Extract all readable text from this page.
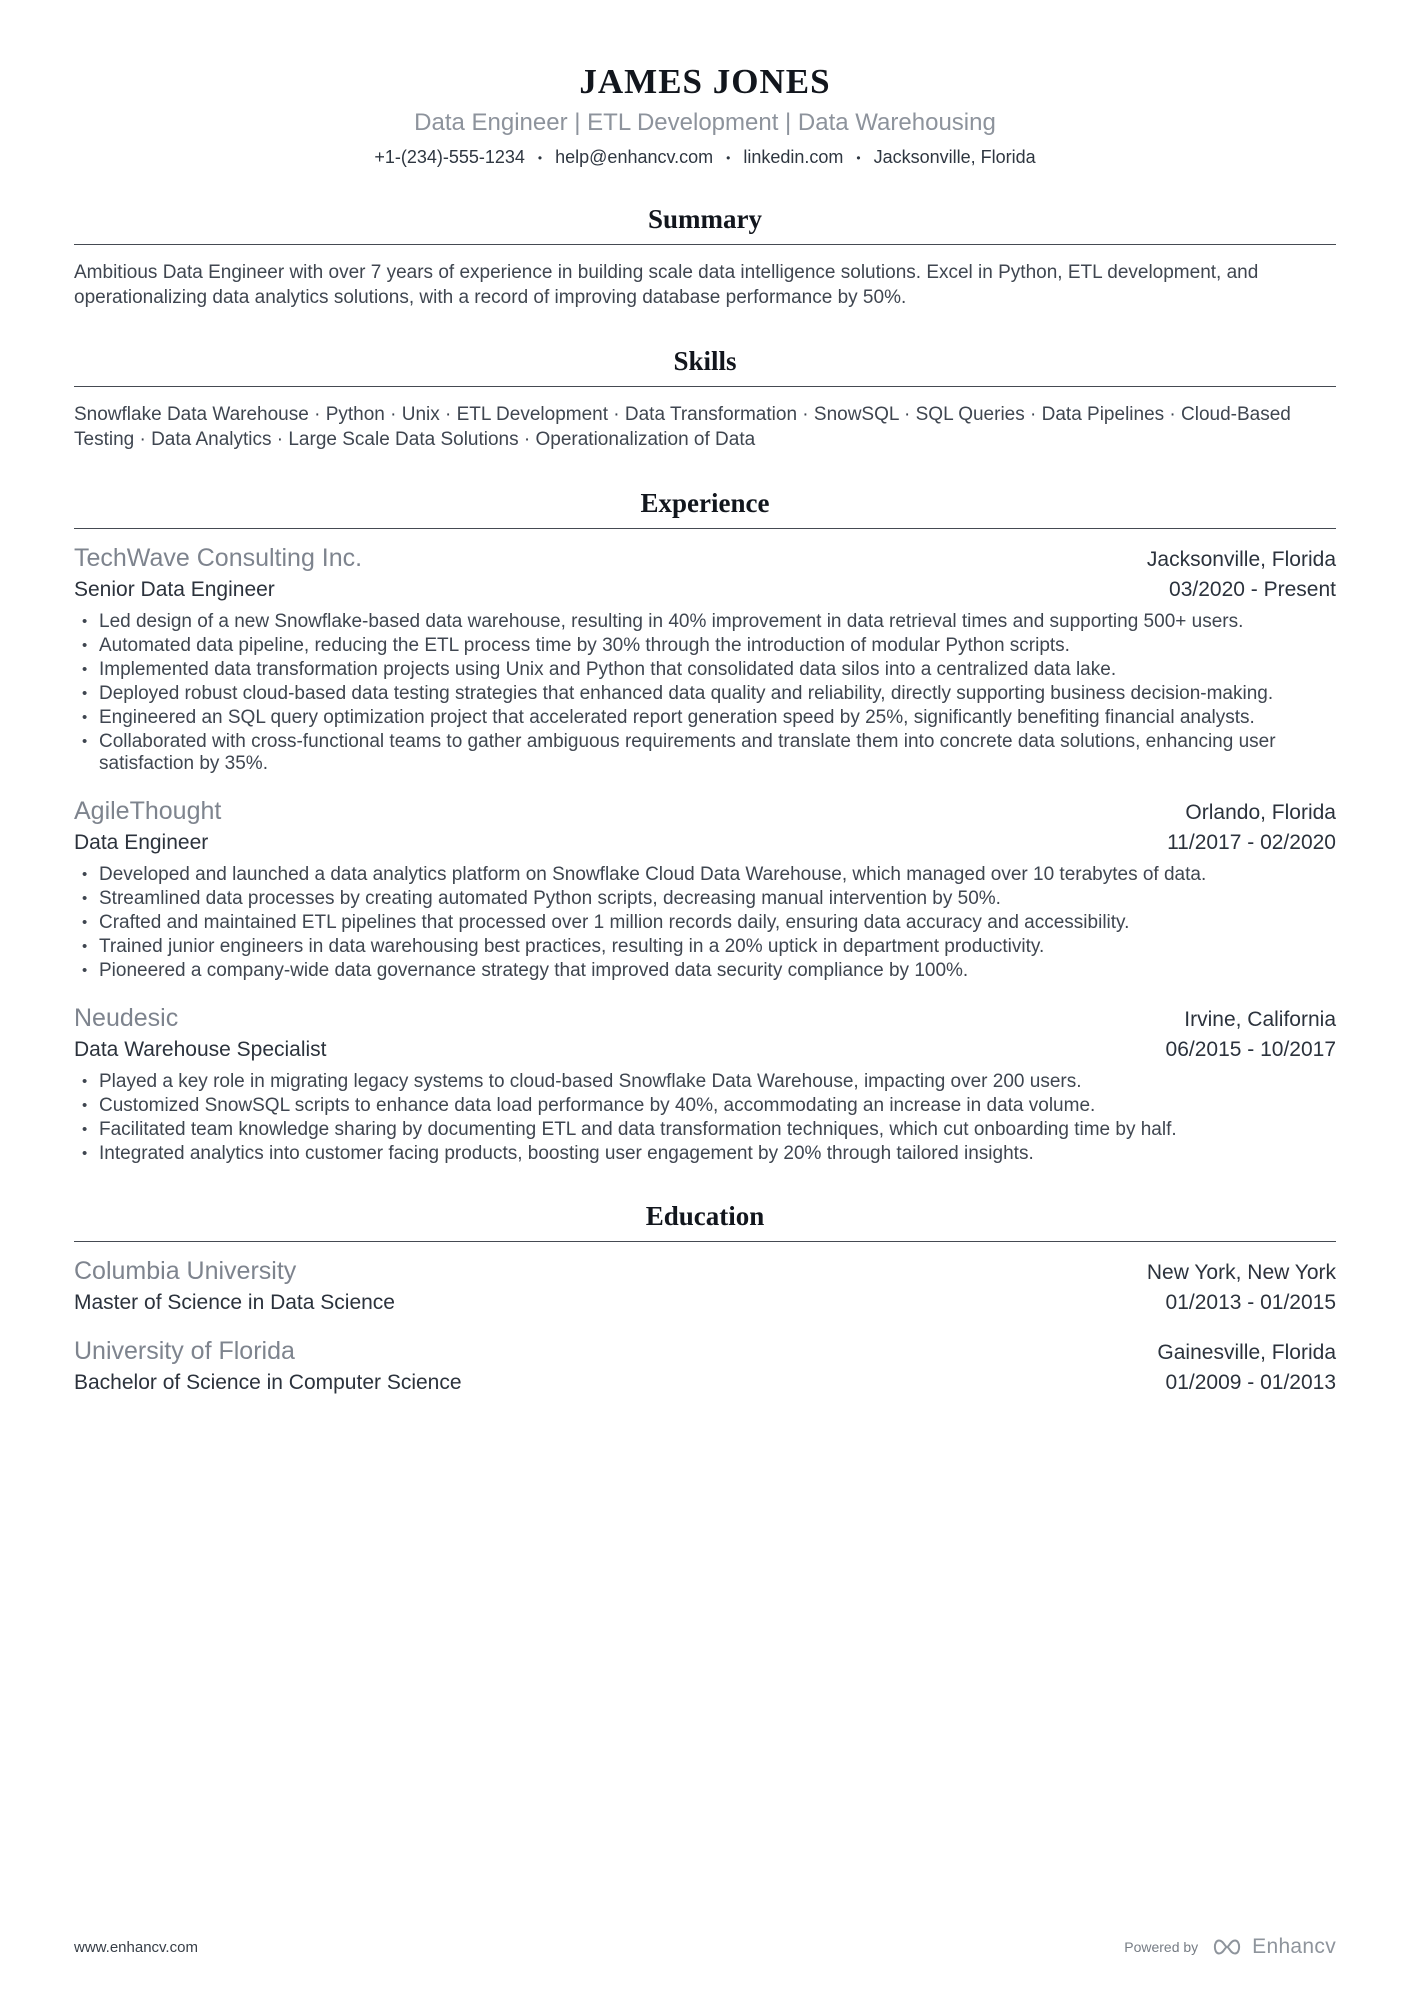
JAMES JONES
Data Engineer | ETL Development | Data Warehousing
+1-(234)-555-1234 • help@enhancv.com • linkedin.com • Jacksonville, Florida
Summary

Ambitious Data Engineer with over 7 years of experience in building scale data intelligence solutions. Excel in Python, ETL development, and operationalizing data analytics solutions, with a record of improving database performance by 50%.

Skills

Snowflake Data Warehouse · Python · Unix · ETL Development · Data Transformation · SnowSQL · SQL Queries · Data Pipelines · Cloud-Based Testing · Data Analytics · Large Scale Data Solutions · Operationalization of Data

Experience
TechWave Consulting Inc.	Jacksonville, Florida
Senior Data Engineer	03/2020 - Present
• Led design of a new Snowflake-based data warehouse, resulting in 40% improvement in data retrieval times and supporting 500+ users.
• Automated data pipeline, reducing the ETL process time by 30% through the introduction of modular Python scripts.
• Implemented data transformation projects using Unix and Python that consolidated data silos into a centralized data lake.
• Deployed robust cloud-based data testing strategies that enhanced data quality and reliability, directly supporting business decision-making.
• Engineered an SQL query optimization project that accelerated report generation speed by 25%, significantly benefiting financial analysts.
• Collaborated with cross-functional teams to gather ambiguous requirements and translate them into concrete data solutions, enhancing user satisfaction by 35%.
AgileThought	Orlando, Florida
Data Engineer	11/2017 - 02/2020
• Developed and launched a data analytics platform on Snowflake Cloud Data Warehouse, which managed over 10 terabytes of data.
• Streamlined data processes by creating automated Python scripts, decreasing manual intervention by 50%.
• Crafted and maintained ETL pipelines that processed over 1 million records daily, ensuring data accuracy and accessibility.
• Trained junior engineers in data warehousing best practices, resulting in a 20% uptick in department productivity.
• Pioneered a company-wide data governance strategy that improved data security compliance by 100%.
Neudesic	Irvine, California
Data Warehouse Specialist	06/2015 - 10/2017
• Played a key role in migrating legacy systems to cloud-based Snowflake Data Warehouse, impacting over 200 users.
• Customized SnowSQL scripts to enhance data load performance by 40%, accommodating an increase in data volume.
• Facilitated team knowledge sharing by documenting ETL and data transformation techniques, which cut onboarding time by half.
• Integrated analytics into customer facing products, boosting user engagement by 20% through tailored insights.
Education
Columbia University	New York, New York
Master of Science in Data Science	01/2013 - 01/2015
University of Florida	Gainesville, Florida
Bachelor of Science in Computer Science	01/2009 - 01/2013
www.enhancv.com	Powered by	Enhancv
